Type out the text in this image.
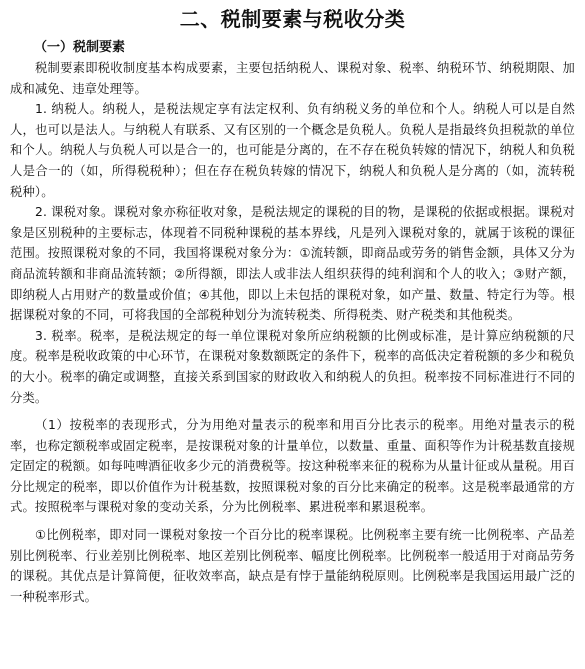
二、税制要素与税收分类

（一）税制要素

税制要素即税收制度基本构成要素，主要包括纳税人、课税对象、税率、纳税环节、纳税期限、加成和减免、违章处理等。

1. 纳税人。纳税人，是税法规定享有法定权利、负有纳税义务的单位和个人。纳税人可以是自然人，也可以是法人。与纳税人有联系、又有区别的一个概念是负税人。负税人是指最终负担税款的单位和个人。纳税人与负税人可以是合一的，也可能是分离的，在不存在税负转嫁的情况下，纳税人和负税人是合一的（如，所得税税种）；但在存在税负转嫁的情况下，纳税人和负税人是分离的（如，流转税税种）。

2. 课税对象。课税对象亦称征收对象，是税法规定的课税的目的物，是课税的依据或根据。课税对象是区别税种的主要标志，体现着不同税种课税的基本界线，凡是列入课税对象的，就属于该税的课征范围。按照课税对象的不同，我国将课税对象分为：①流转额，即商品或劳务的销售金额，具体又分为商品流转额和非商品流转额；②所得额，即法人或非法人组织获得的纯利润和个人的收入；③财产额，即纳税人占用财产的数量或价值；④其他，即以上未包括的课税对象，如产量、数量、特定行为等。根据课税对象的不同，可将我国的全部税种划分为流转税类、所得税类、财产税类和其他税类。

3. 税率。税率，是税法规定的每一单位课税对象所应纳税额的比例或标准，是计算应纳税额的尺度。税率是税收政策的中心环节，在课税对象数额既定的条件下，税率的高低决定着税额的多少和税负的大小。税率的确定或调整，直接关系到国家的财政收入和纳税人的负担。税率按不同标准进行不同的分类。

（1）按税率的表现形式，分为用绝对量表示的税率和用百分比表示的税率。用绝对量表示的税率，也称定额税率或固定税率，是按课税对象的计量单位，以数量、重量、面积等作为计税基数直接规定固定的税额。如每吨啤酒征收多少元的消费税等。按这种税率来征的税称为从量计征或从量税。用百分比规定的税率，即以价值作为计税基数，按照课税对象的百分比来确定的税率。这是税率最通常的方式。按照税率与课税对象的变动关系，分为比例税率、累进税率和累退税率。

①比例税率，即对同一课税对象按一个百分比的税率课税。比例税率主要有统一比例税率、产品差别比例税率、行业差别比例税率、地区差别比例税率、幅度比例税率。比例税率一般适用于对商品劳务的课税。其优点是计算简便，征收效率高，缺点是有悖于量能纳税原则。比例税率是我国运用最广泛的一种税率形式。
